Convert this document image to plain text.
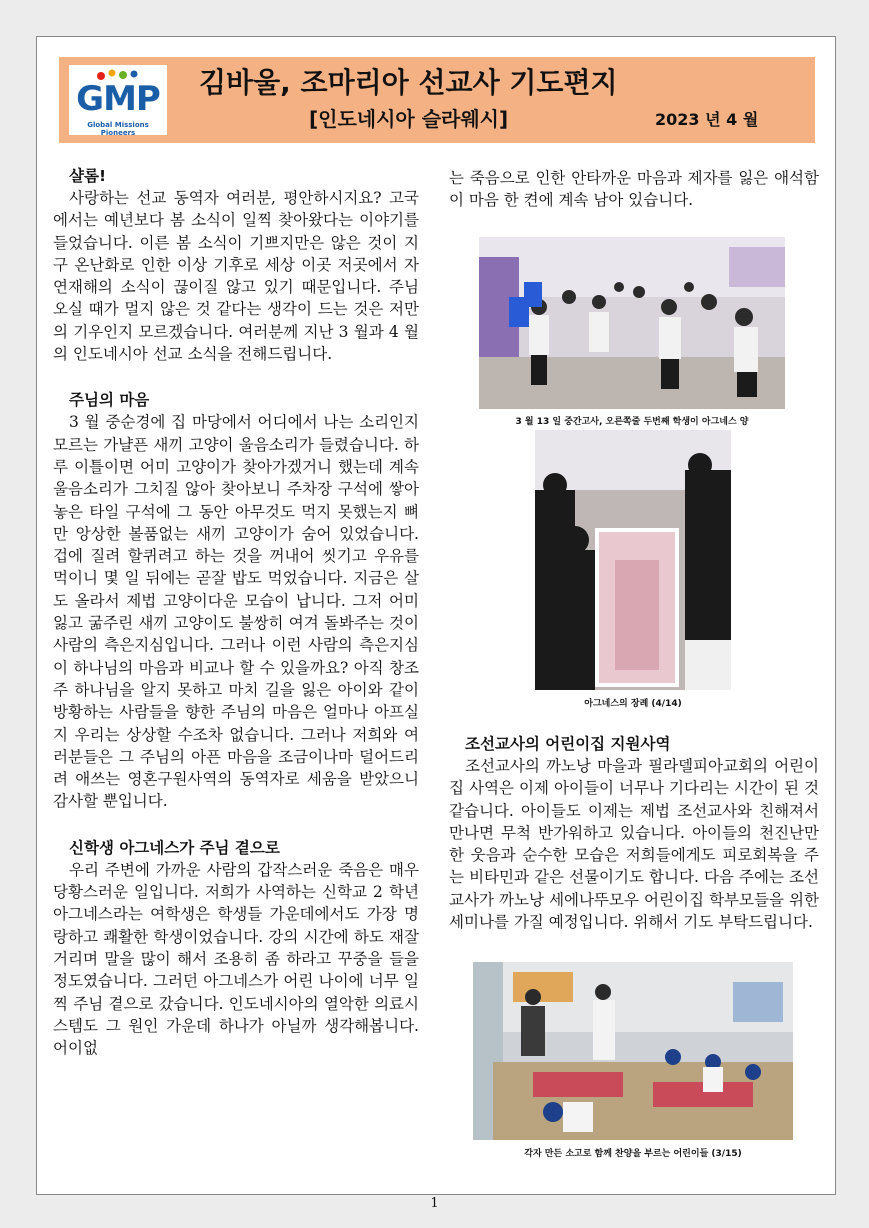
GMP
Global Missions Pioneers
김바울, 조마리아 선교사 기도편지
[인도네시아 슬라웨시]	2023 년 4 월
샬롬!

사랑하는 선교 동역자 여러분, 평안하시지요? 고국에서는 예년보다 봄 소식이 일찍 찾아왔다는 이야기를 들었습니다. 이른 봄 소식이 기쁘지만은 않은 것이 지구 온난화로 인한 이상 기후로 세상 이곳 저곳에서 자연재해의 소식이 끊이질 않고 있기 때문입니다. 주님 오실 때가 멀지 않은 것 같다는 생각이 드는 것은 저만의 기우인지 모르겠습니다. 여러분께 지난 3 월과 4 월의 인도네시아 선교 소식을 전해드립니다.

주님의 마음

3 월 중순경에 집 마당에서 어디에서 나는 소리인지 모르는 가냘픈 새끼 고양이 울음소리가 들렸습니다. 하루 이틀이면 어미 고양이가 찾아가겠거니 했는데 계속 울음소리가 그치질 않아 찾아보니 주차장 구석에 쌓아 놓은 타일 구석에 그 동안 아무것도 먹지 못했는지 뼈만 앙상한 볼품없는 새끼 고양이가 숨어 있었습니다. 겁에 질려 할퀴려고 하는 것을 꺼내어 씻기고 우유를 먹이니 몇 일 뒤에는 곧잘 밥도 먹었습니다. 지금은 살도 올라서 제법 고양이다운 모습이 납니다. 그저 어미 잃고 굶주린 새끼 고양이도 불쌍히 여겨 돌봐주는 것이 사람의 측은지심입니다. 그러나 이런 사람의 측은지심이 하나님의 마음과 비교나 할 수 있을까요? 아직 창조주 하나님을 알지 못하고 마치 길을 잃은 아이와 같이 방황하는 사람들을 향한 주님의 마음은 얼마나 아프실지 우리는 상상할 수조차 없습니다. 그러나 저희와 여러분들은 그 주님의 아픈 마음을 조금이나마 덜어드리려 애쓰는 영혼구원사역의 동역자로 세움을 받았으니 감사할 뿐입니다.

신학생 아그네스가 주님 곁으로

우리 주변에 가까운 사람의 갑작스러운 죽음은 매우 당황스러운 일입니다. 저희가 사역하는 신학교 2 학년 아그네스라는 여학생은 학생들 가운데에서도 가장 명랑하고 쾌활한 학생이었습니다. 강의 시간에 하도 재잘거리며 말을 많이 해서 조용히 좀 하라고 꾸중을 들을 정도였습니다. 그러던 아그네스가 어린 나이에 너무 일찍 주님 곁으로 갔습니다. 인도네시아의 열악한 의료시스템도 그 원인 가운데 하나가 아닐까 생각해봅니다. 어이없

는 죽음으로 인한 안타까운 마음과 제자를 잃은 애석함이 마음 한 켠에 계속 남아 있습니다.

3 월 13 일 중간고사, 오른쪽줄 두번째 학생이 아그네스 양
아그네스의 장례 (4/14)
조선교사의 어린이집 지원사역

조선교사의 까노낭 마을과 필라델피아교회의 어린이집 사역은 이제 아이들이 너무나 기다리는 시간이 된 것 같습니다. 아이들도 이제는 제법 조선교사와 친해져서 만나면 무척 반가워하고 있습니다. 아이들의 천진난만한 웃음과 순수한 모습은 저희들에게도 피로회복을 주는 비타민과 같은 선물이기도 합니다. 다음 주에는 조선교사가 까노낭 세에나뚜모우 어린이집 학부모들을 위한 세미나를 가질 예정입니다. 위해서 기도 부탁드립니다.

각자 만든 소고로 함께 찬양을 부르는 어린이들 (3/15)
1
